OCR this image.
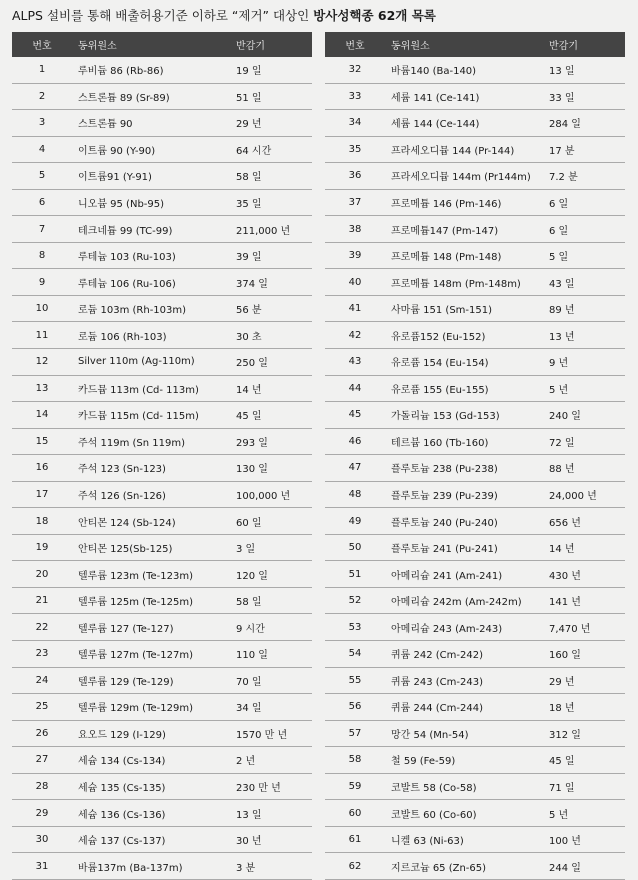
ALPS 설비를 통해 배출허용기준 이하로 “제거” 대상인 방사성핵종 62개 목록
번호	동위원소	반감기
1	루비듐 86 (Rb-86)	19 일
2	스트론튬 89 (Sr-89)	51 일
3	스트론튬 90	29 년
4	이트륨 90 (Y-90)	64 시간
5	이트륨91 (Y-91)	58 일
6	니오븀 95 (Nb-95)	35 일
7	테크네튬 99 (TC-99)	211,000 년
8	루테늄 103 (Ru-103)	39 일
9	루테늄 106 (Ru-106)	374 일
10	로듐 103m (Rh-103m)	56 분
11	로듐 106 (Rh-103)	30 초
12	Silver 110m (Ag-110m)	250 일
13	카드뮴 113m (Cd- 113m)	14 년
14	카드뮴 115m (Cd- 115m)	45 일
15	주석 119m (Sn 119m)	293 일
16	주석 123 (Sn-123)	130 일
17	주석 126 (Sn-126)	100,000 년
18	안티몬 124 (Sb-124)	60 일
19	안티몬 125(Sb-125)	3 일
20	텔루륨 123m (Te-123m)	120 일
21	텔루륨 125m (Te-125m)	58 일
22	텔루륨 127 (Te-127)	9 시간
23	텔루륨 127m (Te-127m)	110 일
24	텔루륨 129 (Te-129)	70 일
25	텔루륨 129m (Te-129m)	34 일
26	요오드 129 (I-129)	1570 만 년
27	세슘 134 (Cs-134)	2 년
28	세슘 135 (Cs-135)	230 만 년
29	세슘 136 (Cs-136)	13 일
30	세슘 137 (Cs-137)	30 년
31	바륨137m (Ba-137m)	3 분
번호	동위원소	반감기
32	바륨140 (Ba-140)	13 일
33	세륨 141 (Ce-141)	33 일
34	세륨 144 (Ce-144)	284 일
35	프라세오디뮴 144 (Pr-144)	17 분
36	프라세오디뮴 144m (Pr144m)	7.2 분
37	프로메튬 146 (Pm-146)	6 일
38	프로메튬147 (Pm-147)	6 일
39	프로메튬 148 (Pm-148)	5 일
40	프로메튬 148m (Pm-148m)	43 일
41	사마륨 151 (Sm-151)	89 년
42	유로퓸152 (Eu-152)	13 년
43	유로퓸 154 (Eu-154)	9 년
44	유로퓸 155 (Eu-155)	5 년
45	가돌리늄 153 (Gd-153)	240 일
46	테르븀 160 (Tb-160)	72 일
47	플루토늄 238 (Pu-238)	88 년
48	플루토늄 239 (Pu-239)	24,000 년
49	플루토늄 240 (Pu-240)	656 년
50	플루토늄 241 (Pu-241)	14 년
51	아메리슘 241 (Am-241)	430 년
52	아메리슘 242m (Am-242m)	141 년
53	아메리슘 243 (Am-243)	7,470 년
54	퀴륨 242 (Cm-242)	160 일
55	퀴륨 243 (Cm-243)	29 년
56	퀴륨 244 (Cm-244)	18 년
57	망간 54 (Mn-54)	312 일
58	철 59 (Fe-59)	45 일
59	코발트 58 (Co-58)	71 일
60	코발트 60 (Co-60)	5 년
61	니켈 63 (Ni-63)	100 년
62	지르코늄 65 (Zn-65)	244 일
